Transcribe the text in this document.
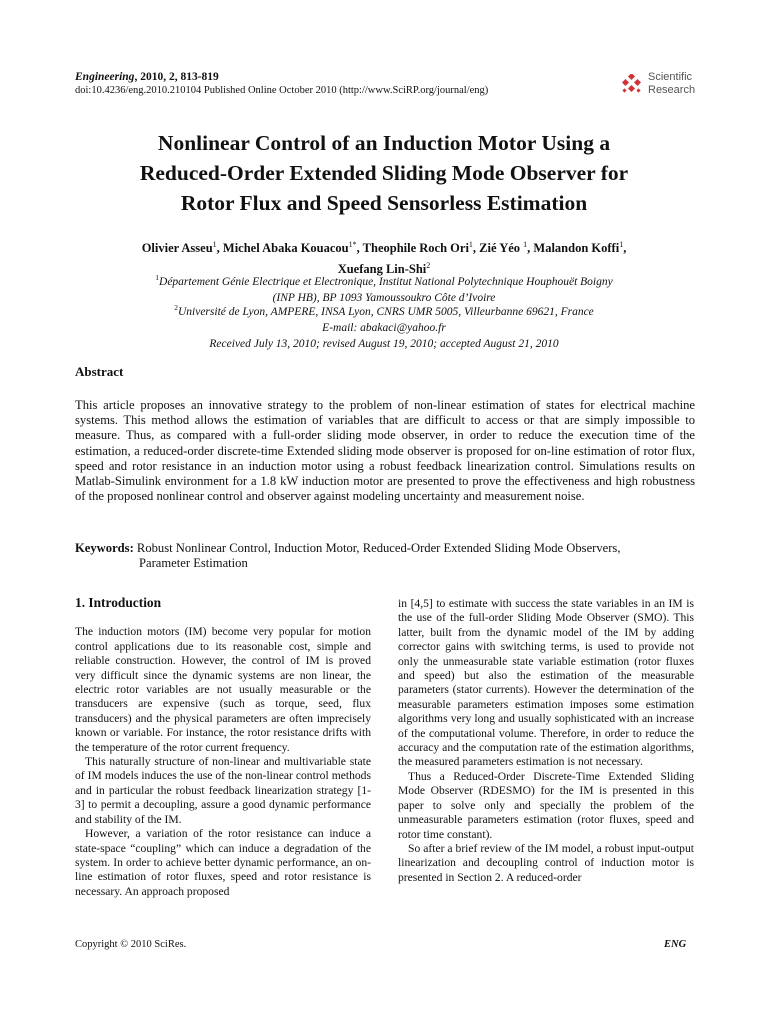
Engineering, 2010, 2, 813-819
doi:10.4236/eng.2010.210104 Published Online October 2010 (http://www.SciRP.org/journal/eng)
Scientific
Research
Nonlinear Control of an Induction Motor Using a
Reduced-Order Extended Sliding Mode Observer for
Rotor Flux and Speed Sensorless Estimation
Olivier Asseu$^1$, Michel Abaka Kouacou$^{1*}$, Theophile Roch Ori$^1$, Zié Yéo $^1$, Malandon Koffi$^1$,
Xuefang Lin-Shi$^2$
$^1$Département Génie Electrique et Electronique, Institut National Polytechnique Houphouët Boigny
(INP HB), BP 1093 Yamoussoukro Côte d’Ivoire
$^2$Université de Lyon, AMPERE, INSA Lyon, CNRS UMR 5005, Villeurbanne 69621, France
E-mail: abakaci@yahoo.fr
Received July 13, 2010; revised August 19, 2010; accepted August 21, 2010
Abstract
This article proposes an innovative strategy to the problem of non-linear estimation of states for electrical machine systems. This method allows the estimation of variables that are difficult to access or that are simply impossible to measure. Thus, as compared with a full-order sliding mode observer, in order to reduce the execution time of the estimation, a reduced-order discrete-time Extended sliding mode observer is proposed for on-line estimation of rotor flux, speed and rotor resistance in an induction motor using a robust feedback linearization control. Simulations results on Matlab-Simulink environment for a 1.8 kW induction motor are presented to prove the effectiveness and high robustness of the proposed nonlinear control and observer against modeling uncertainty and measurement noise.
Keywords: Robust Nonlinear Control, Induction Motor, Reduced-Order Extended Sliding Mode Observers,
Parameter Estimation
1. Introduction

The induction motors (IM) become very popular for motion control applications due to its reasonable cost, simple and reliable construction. However, the control of IM is proved very difficult since the dynamic systems are non linear, the electric rotor variables are not usually measurable or the transducers are expensive (such as torque, seed, flux transducers) and the physical parameters are often imprecisely known or variable. For instance, the rotor resistance drifts with the temperature of the rotor current frequency.

This naturally structure of non-linear and multivariable state of IM models induces the use of the non-linear control methods and in particular the robust feedback linearization strategy [1-3] to permit a decoupling, assure a good dynamic performance and stability of the IM.

However, a variation of the rotor resistance can induce a state-space “coupling” which can induce a degradation of the system. In order to achieve better dynamic performance, an on-line estimation of rotor fluxes, speed and rotor resistance is necessary. An approach proposed

in [4,5] to estimate with success the state variables in an IM is the use of the full-order Sliding Mode Observer (SMO). This latter, built from the dynamic model of the IM by adding corrector gains with switching terms, is used to provide not only the unmeasurable state variable estimation (rotor fluxes and speed) but also the estimation of the measurable parameters (stator currents). However the determination of the measurable parameters estimation imposes some estimation algorithms very long and usually sophisticated with an increase of the computational volume. Therefore, in order to reduce the accuracy and the computation rate of the estimation algorithms, the measured parameters estimation is not necessary.

Thus a Reduced-Order Discrete-Time Extended Sliding Mode Observer (RDESMO) for the IM is presented in this paper to solve only and specially the problem of the unmeasurable parameters estimation (rotor fluxes, speed and rotor time constant).

So after a brief review of the IM model, a robust input-output linearization and decoupling control of induction motor is presented in Section 2. A reduced-order

Copyright © 2010 SciRes.	ENG
